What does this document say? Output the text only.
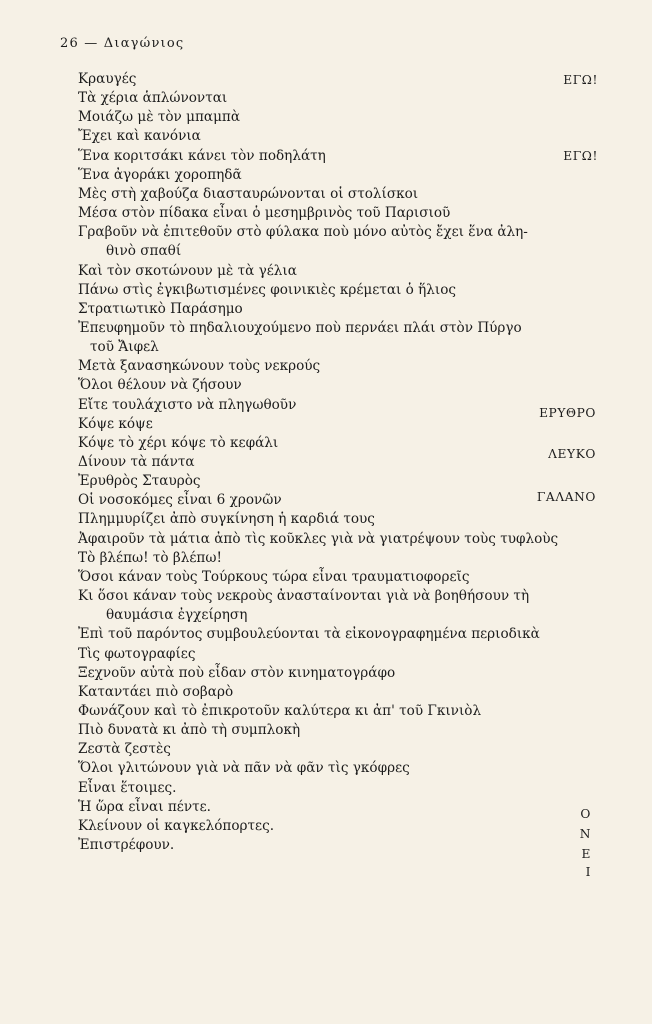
26 — Διαγώνιος
Κραυγές
Τὰ χέρια ἁπλώνονται
Μοιάζω μὲ τὸν μπαμπὰ
Ἔχει καὶ κανόνια
Ἕνα κοριτσάκι κάνει τὸν ποδηλάτη
Ἕνα ἀγοράκι χοροπηδᾶ
Μὲς στὴ χαβούζα διασταυρώνονται οἱ στολίσκοι
Μέσα στὸν πίδακα εἶναι ὁ μεσημβρινὸς τοῦ Παρισιοῦ
Γραβοῦν νὰ ἐπιτεθοῦν στὸ φύλακα ποὺ μόνο αὐτὸς ἔχει ἕνα ἀλη-
θινὸ σπαθί
Καὶ τὸν σκοτώνουν μὲ τὰ γέλια
Πάνω στὶς ἐγκιβωτισμένες φοινικιὲς κρέμεται ὁ ἥλιος
Στρατιωτικὸ Παράσημο
Ἐπευφημοῦν τὸ πηδαλιουχούμενο ποὺ περνάει πλάι στὸν Πύργο
τοῦ Ἄιφελ
Μετὰ ξανασηκώνουν τοὺς νεκρούς
Ὅλοι θέλουν νὰ ζήσουν
Εἴτε τουλάχιστο νὰ πληγωθοῦν
Κόψε κόψε
Κόψε τὸ χέρι κόψε τὸ κεφάλι
Δίνουν τὰ πάντα
Ἐρυθρὸς Σταυρὸς
Οἱ νοσοκόμες εἶναι 6 χρονῶν
Πλημμυρίζει ἀπὸ συγκίνηση ἡ καρδιά τους
Ἀφαιροῦν τὰ μάτια ἀπὸ τὶς κοῦκλες γιὰ νὰ γιατρέψουν τοὺς τυφλοὺς
Τὸ βλέπω! τὸ βλέπω!
Ὅσοι κάναν τοὺς Τούρκους τώρα εἶναι τραυματιοφορεῖς
Κι ὅσοι κάναν τοὺς νεκροὺς ἀνασταίνονται γιὰ νὰ βοηθήσουν τὴ
θαυμάσια ἐγχείρηση
Ἐπὶ τοῦ παρόντος συμβουλεύονται τὰ εἰκονογραφημένα περιοδικὰ
Τὶς φωτογραφίες
Ξεχνοῦν αὐτὰ ποὺ εἶδαν στὸν κινηματογράφο
Καταντάει πιὸ σοβαρὸ
Φωνάζουν καὶ τὸ ἐπικροτοῦν καλύτερα κι ἀπ' τοῦ Γκινιὸλ
Πιὸ δυνατὰ κι ἀπὸ τὴ συμπλοκὴ
Ζεστὰ ζεστὲς
Ὅλοι γλιτώνουν γιὰ νὰ πᾶν νὰ φᾶν τὶς γκόφρες
Εἶναι ἕτοιμες.
Ἡ ὥρα εἶναι πέντε.
Κλείνουν οἱ καγκελόπορτες.
Ἐπιστρέφουν.
ΕΓΩ!
ΕΓΩ!
ΕΡΥΘΡΟ
ΛΕΥΚΟ
ΓΑΛΑΝΟ
Ο
Ν
Ε
Ι
